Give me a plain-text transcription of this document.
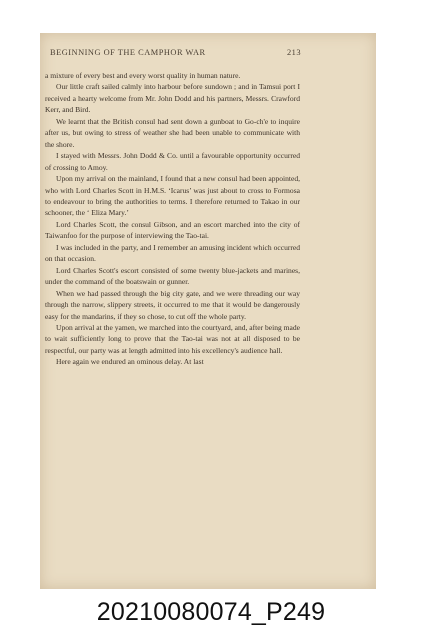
BEGINNING OF THE CAMPHOR WAR	213

a mixture of every best and every worst quality in human nature.

Our little craft sailed calmly into harbour before sundown ; and in Tamsui port I received a hearty welcome from Mr. John Dodd and his partners, Messrs. Crawford Kerr, and Bird.

We learnt that the British consul had sent down a gunboat to Go-ch'e to inquire after us, but owing to stress of weather she had been unable to communicate with the shore.

I stayed with Messrs. John Dodd & Co. until a favourable opportunity occurred of crossing to Amoy.

Upon my arrival on the mainland, I found that a new consul had been appointed, who with Lord Charles Scott in H.M.S. ‘Icarus’ was just about to cross to Formosa to endeavour to bring the authorities to terms. I therefore returned to Takao in our schooner, the ‘ Eliza Mary.’

Lord Charles Scott, the consul Gibson, and an escort marched into the city of Taiwanfoo for the purpose of interviewing the Tao-tai.

I was included in the party, and I remember an amusing incident which occurred on that occasion.

Lord Charles Scott's escort consisted of some twenty blue-jackets and marines, under the command of the boatswain or gunner.

When we had passed through the big city gate, and we were threading our way through the narrow, slippery streets, it occurred to me that it would be dangerously easy for the mandarins, if they so chose, to cut off the whole party.

Upon arrival at the yamen, we marched into the courtyard, and, after being made to wait sufficiently long to prove that the Tao-tai was not at all disposed to be respectful, our party was at length admitted into his excellency's audience hall.

Here again we endured an ominous delay. At last

20210080074_P249
